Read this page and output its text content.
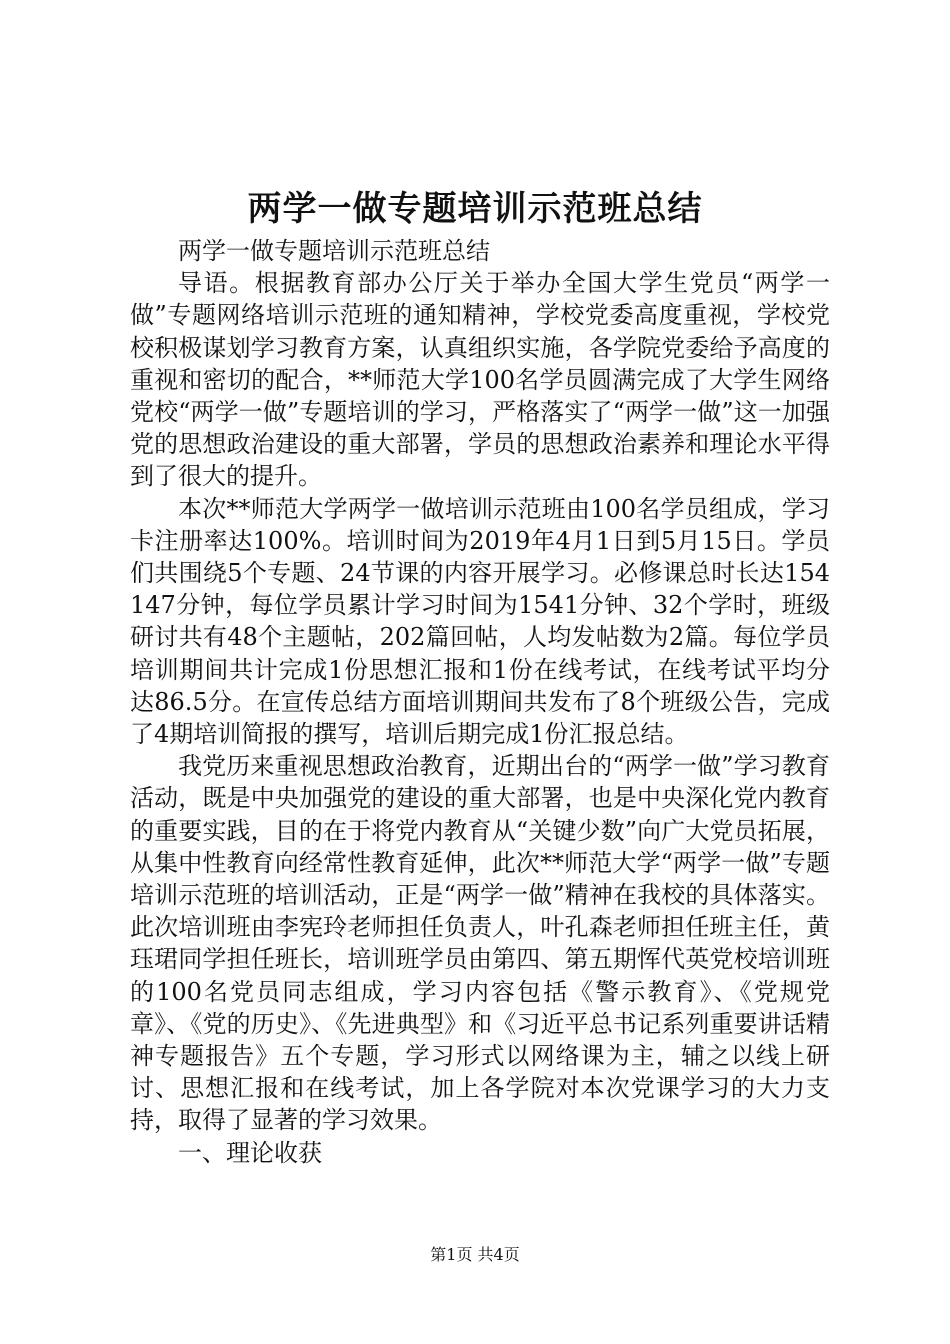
两学一做专题培训示范班总结

两学一做专题培训示范班总结

导语。根据教育部办公厅关于举办全国大学生党员“两学一做”专题网络培训示范班的通知精神，学校党委高度重视，学校党校积极谋划学习教育方案，认真组织实施，各学院党委给予高度的重视和密切的配合，**师范大学100名学员圆满完成了大学生网络党校“两学一做”专题培训的学习，严格落实了“两学一做”这一加强党的思想政治建设的重大部署，学员的思想政治素养和理论水平得到了很大的提升。

本次**师范大学两学一做培训示范班由100名学员组成，学习卡注册率达100%。培训时间为2019年4月1日到5月15日。学员们共围绕5个专题、24节课的内容开展学习。必修课总时长达154147分钟，每位学员累计学习时间为1541分钟、32个学时，班级研讨共有48个主题帖，202篇回帖，人均发帖数为2篇。每位学员培训期间共计完成1份思想汇报和1份在线考试，在线考试平均分达86.5分。在宣传总结方面培训期间共发布了8个班级公告，完成了4期培训简报的撰写，培训后期完成1份汇报总结。

我党历来重视思想政治教育，近期出台的“两学一做”学习教育活动，既是中央加强党的建设的重大部署，也是中央深化党内教育的重要实践，目的在于将党内教育从“关键少数”向广大党员拓展，从集中性教育向经常性教育延伸，此次**师范大学“两学一做”专题培训示范班的培训活动，正是“两学一做”精神在我校的具体落实。此次培训班由李宪玲老师担任负责人，叶孔森老师担任班主任，黄珏珺同学担任班长，培训班学员由第四、第五期恽代英党校培训班的100名党员同志组成，学习内容包括《警示教育》、《党规党章》、《党的历史》、《先进典型》和《习近平总书记系列重要讲话精神专题报告》五个专题，学习形式以网络课为主，辅之以线上研讨、思想汇报和在线考试，加上各学院对本次党课学习的大力支持，取得了显著的学习效果。

一、理论收获

第1页 共4页
